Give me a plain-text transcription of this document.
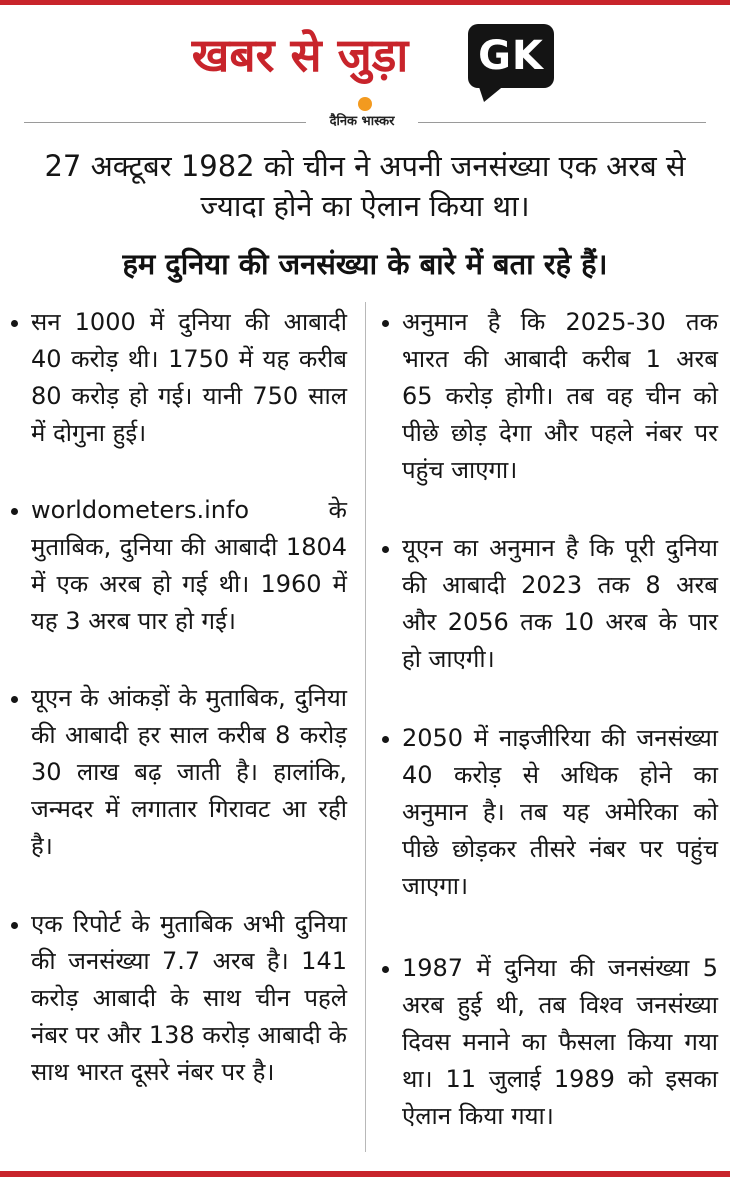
खबर से जुड़ा	GK
दैनिक भास्कर
27 अक्टूबर 1982 को चीन ने अपनी जनसंख्या एक अरब से ज्यादा होने का ऐलान किया था।
हम दुनिया की जनसंख्या के बारे में बता रहे हैं।
सन 1000 में दुनिया की आबादी 40 करोड़ थी। 1750 में यह करीब 80 करोड़ हो गई। यानी 750 साल में दोगुना हुई।
worldometers.info के मुताबिक, दुनिया की आबादी 1804 में एक अरब हो गई थी। 1960 में यह 3 अरब पार हो गई।
यूएन के आंकड़ों के मुताबिक, दुनिया की आबादी हर साल करीब 8 करोड़ 30 लाख बढ़ जाती है। हालांकि, जन्मदर में लगातार गिरावट आ रही है।
एक रिपोर्ट के मुताबिक अभी दुनिया की जनसंख्या 7.7 अरब है। 141 करोड़ आबादी के साथ चीन पहले नंबर पर और 138 करोड़ आबादी के साथ भारत दूसरे नंबर पर है।
अनुमान है कि 2025-30 तक भारत की आबादी करीब 1 अरब 65 करोड़ होगी। तब वह चीन को पीछे छोड़ देगा और पहले नंबर पर पहुंच जाएगा।
यूएन का अनुमान है कि पूरी दुनिया की आबादी 2023 तक 8 अरब और 2056 तक 10 अरब के पार हो जाएगी।
2050 में नाइजीरिया की जनसंख्या 40 करोड़ से अधिक होने का अनुमान है। तब यह अमेरिका को पीछे छोड़कर तीसरे नंबर पर पहुंच जाएगा।
1987 में दुनिया की जनसंख्या 5 अरब हुई थी, तब विश्व जनसंख्या दिवस मनाने का फैसला किया गया था। 11 जुलाई 1989 को इसका ऐलान किया गया।
